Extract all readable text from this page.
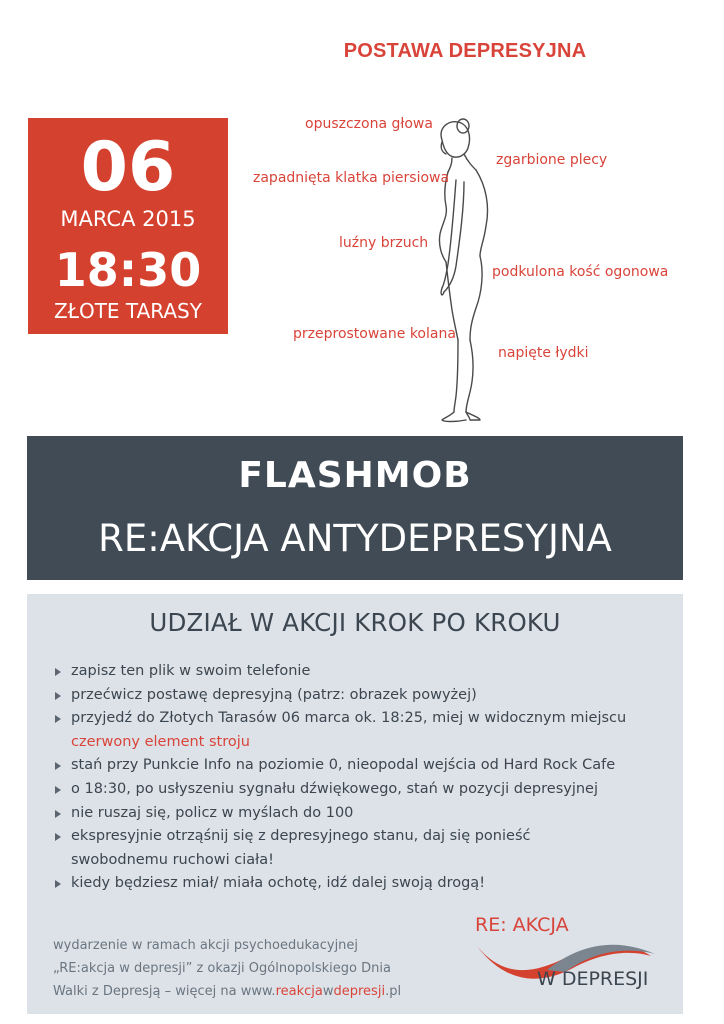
POSTAWA DEPRESYJNA
06
MARCA 2015
18:30
ZŁOTE TARASY
opuszczona głowa
zapadnięta klatka piersiowa
zgarbione plecy
luźny brzuch
podkulona kość ogonowa
przeprostowane kolana
napięte łydki
FLASHMOB
RE:AKCJA ANTYDEPRESYJNA
UDZIAŁ W AKCJI KROK PO KROKU
zapisz ten plik w swoim telefonie
przećwicz postawę depresyjną (patrz: obrazek powyżej)
przyjedź do Złotych Tarasów 06 marca ok. 18:25, miej w widocznym miejscu
czerwony element stroju
stań przy Punkcie Info na poziomie 0, nieopodal wejścia od Hard Rock Cafe
o 18:30, po usłyszeniu sygnału dźwiękowego, stań w pozycji depresyjnej
nie ruszaj się, policz w myślach do 100
ekspresyjnie otrząśnij się z depresyjnego stanu, daj się ponieść
swobodnemu ruchowi ciała!
kiedy będziesz miał/ miała ochotę, idź dalej swoją drogą!
wydarzenie w ramach akcji psychoedukacyjnej
„RE:akcja w depresji” z okazji Ogólnopolskiego Dnia
Walki z Depresją – więcej na www.reakcjawdepresji.pl
RE: AKCJA
W DEPRESJI
